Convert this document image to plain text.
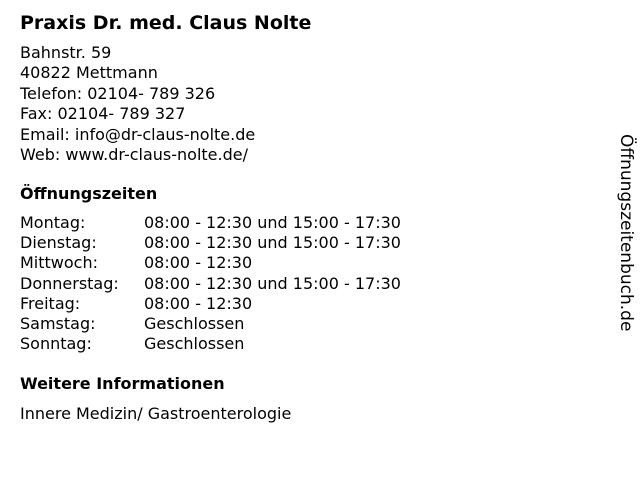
Praxis Dr. med. Claus Nolte
Bahnstr. 59
40822 Mettmann
Telefon: 02104- 789 326
Fax: 02104- 789 327
Email: info@dr-claus-nolte.de
Web: www.dr-claus-nolte.de/
Öffnungszeiten
Montag:	08:00 - 12:30 und 15:00 - 17:30
Dienstag:	08:00 - 12:30 und 15:00 - 17:30
Mittwoch:	08:00 - 12:30
Donnerstag: 08:00 - 12:30 und 15:00 - 17:30
Freitag:	08:00 - 12:30
Samstag:	Geschlossen
Sonntag:	Geschlossen
Weitere Informationen
Innere Medizin/ Gastroenterologie
Öffnungszeitenbuch.de
